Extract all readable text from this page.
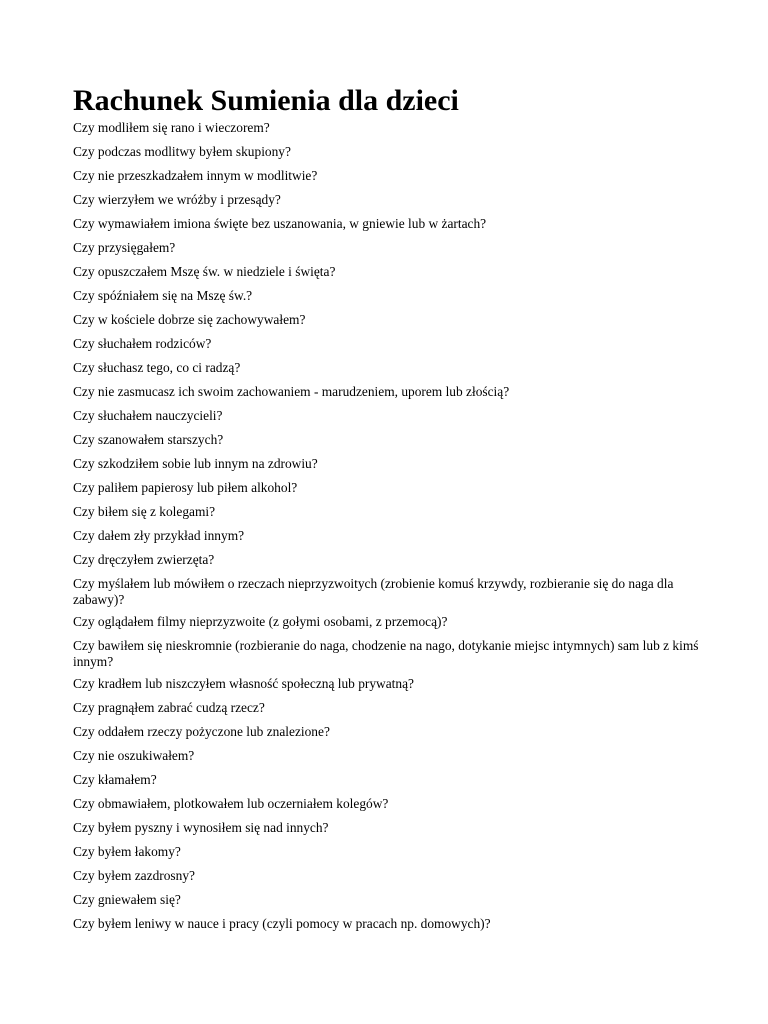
Rachunek Sumienia dla dzieci
Czy modliłem się rano i wieczorem?
Czy podczas modlitwy byłem skupiony?
Czy nie przeszkadzałem innym w modlitwie?
Czy wierzyłem we wróżby i przesądy?
Czy wymawiałem imiona święte bez uszanowania, w gniewie lub w żartach?
Czy przysięgałem?
Czy opuszczałem Mszę św. w niedziele i święta?
Czy spóźniałem się na Mszę św.?
Czy w kościele dobrze się zachowywałem?
Czy słuchałem rodziców?
Czy słuchasz tego, co ci radzą?
Czy nie zasmucasz ich swoim zachowaniem - marudzeniem, uporem lub złością?
Czy słuchałem nauczycieli?
Czy szanowałem starszych?
Czy szkodziłem sobie lub innym na zdrowiu?
Czy paliłem papierosy lub piłem alkohol?
Czy biłem się z kolegami?
Czy dałem zły przykład innym?
Czy dręczyłem zwierzęta?
Czy myślałem lub mówiłem o rzeczach nieprzyzwoitych (zrobienie komuś krzywdy, rozbieranie się do naga dla zabawy)?
Czy oglądałem filmy nieprzyzwoite (z gołymi osobami, z przemocą)?
Czy bawiłem się nieskromnie (rozbieranie do naga, chodzenie na nago, dotykanie miejsc intymnych) sam lub z kimś innym?
Czy kradłem lub niszczyłem własność społeczną lub prywatną?
Czy pragnąłem zabrać cudzą rzecz?
Czy oddałem rzeczy pożyczone lub znalezione?
Czy nie oszukiwałem?
Czy kłamałem?
Czy obmawiałem, plotkowałem lub oczerniałem kolegów?
Czy byłem pyszny i wynosiłem się nad innych?
Czy byłem łakomy?
Czy byłem zazdrosny?
Czy gniewałem się?
Czy byłem leniwy w nauce i pracy (czyli pomocy w pracach np. domowych)?
